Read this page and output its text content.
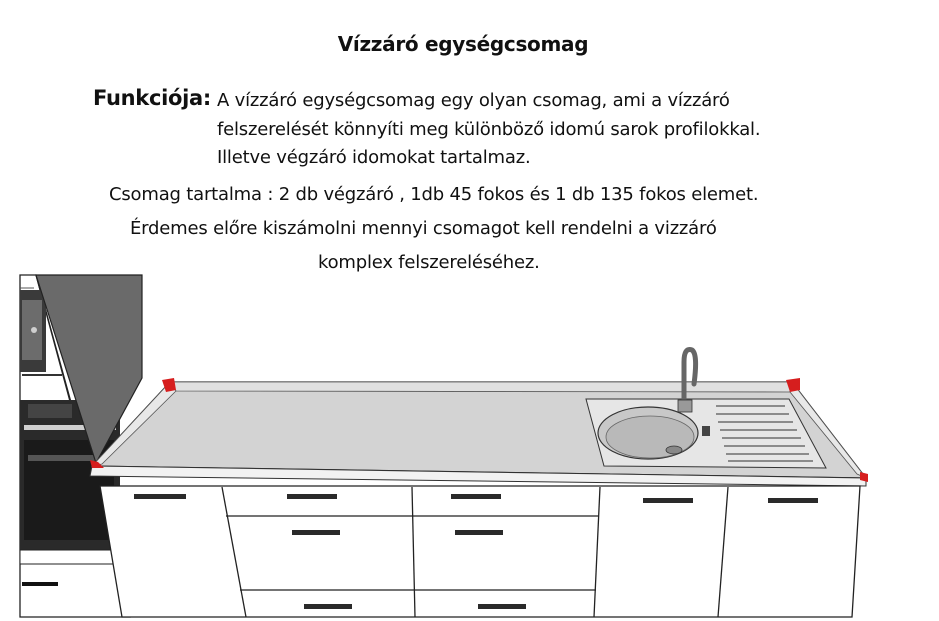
Vízzáró egységcsomag
Funkciója: A vízzáró egységcsomag egy olyan csomag, ami a vízzáró
felszerelését könnyíti meg különböző idomú sarok profilokkal.
Illetve végzáró idomokat tartalmaz.
Csomag tartalma : 2 db végzáró , 1db 45 fokos és 1 db 135 fokos elemet.
Érdemes előre kiszámolni mennyi csomagot kell rendelni a vizzáró
komplex felszereléséhez.
